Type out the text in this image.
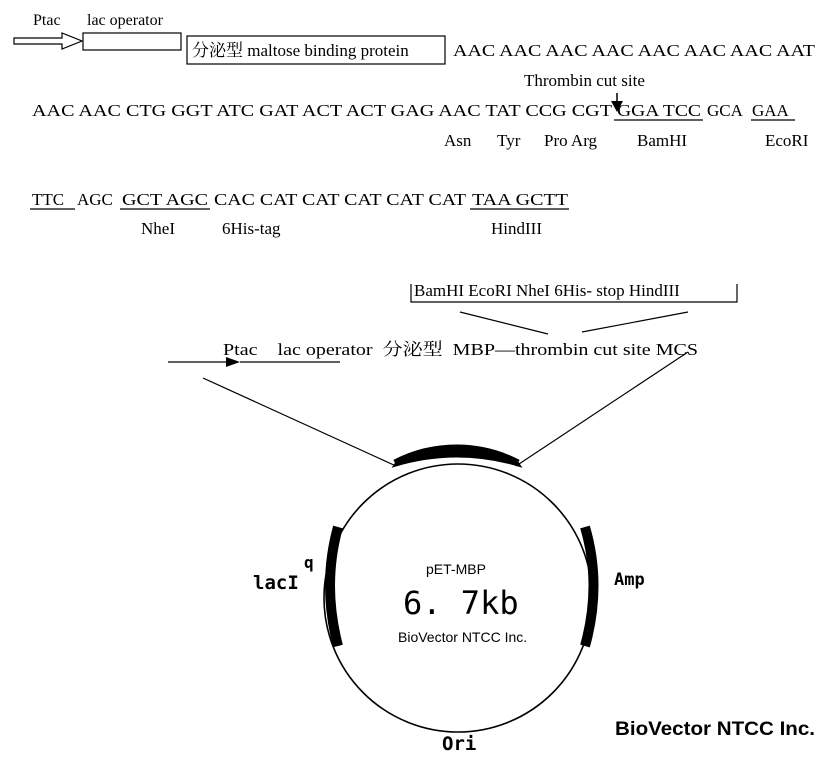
Ptac lac operator
分泌型 maltose binding protein	AAC AAC AAC AAC AAC AAC AAC AAT
Thrombin cut site
AAC AAC CTG GGT ATC GAT ACT ACT GAG AAC TAT CCG CGT GGA TCC GCA GAA
Asn Tyr Pro Arg BamHI	EcoRI
TTC AGC GCT AGC CAC CAT CAT CAT CAT CAT TAA GCTT
NheI	6His-tag	HindIII
BamHI EcoRI NheI 6His- stop HindIII
Ptac    lac operator  分泌型  MBP—thrombin cut site MCS
pET-MBP
6. 7kb
BioVector NTCC Inc.
lacI
q
Amp
Ori
BioVector NTCC Inc.
